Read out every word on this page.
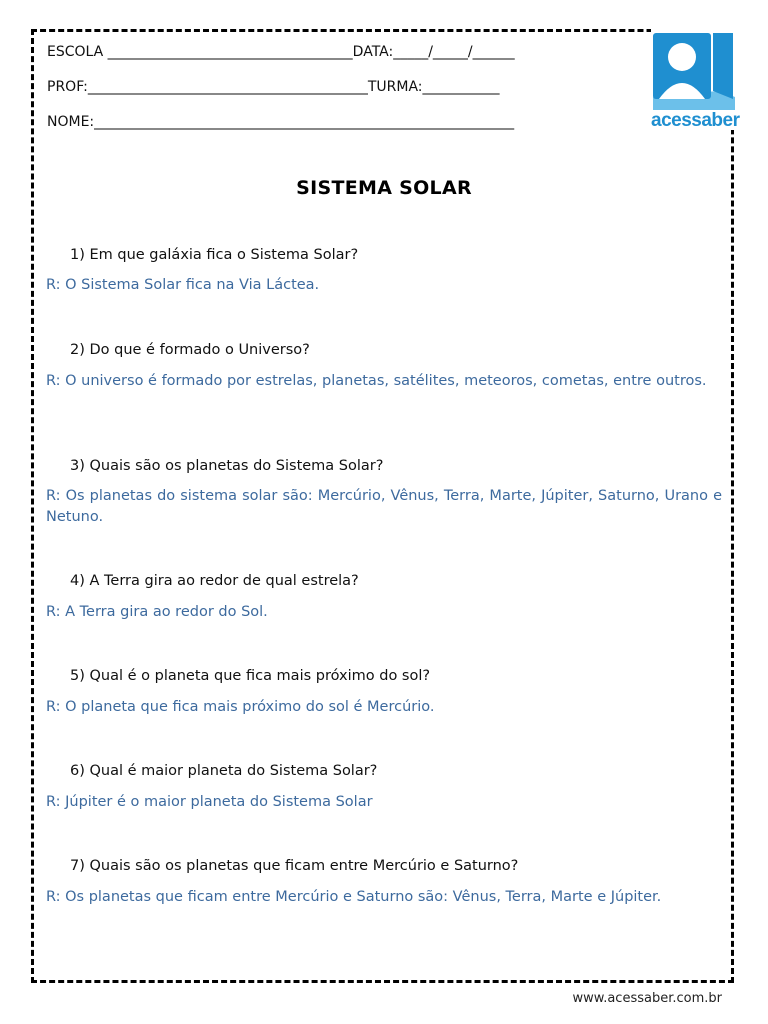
ESCOLA ___________________________________DATA:_____/_____/______
PROF:________________________________________TURMA:___________
NOME:____________________________________________________________	acessaber
SISTEMA SOLAR
1) Em que galáxia fica o Sistema Solar?
R: O Sistema Solar fica na Via Láctea.
2) Do que é formado o Universo?
R: O universo é formado por estrelas, planetas, satélites, meteoros, cometas, entre outros.
3) Quais são os planetas do Sistema Solar?
R: Os planetas do sistema solar são: Mercúrio, Vênus, Terra, Marte, Júpiter, Saturno, Urano e Netuno.
4) A Terra gira ao redor de qual estrela?
R: A Terra gira ao redor do Sol.
5) Qual é o planeta que fica mais próximo do sol?
R: O planeta que fica mais próximo do sol é Mercúrio.
6) Qual é maior planeta do Sistema Solar?
R: Júpiter é o maior planeta do Sistema Solar
7) Quais são os planetas que ficam entre Mercúrio e Saturno?
R: Os planetas que ficam entre Mercúrio e Saturno são: Vênus, Terra, Marte e Júpiter.
www.acessaber.com.br
